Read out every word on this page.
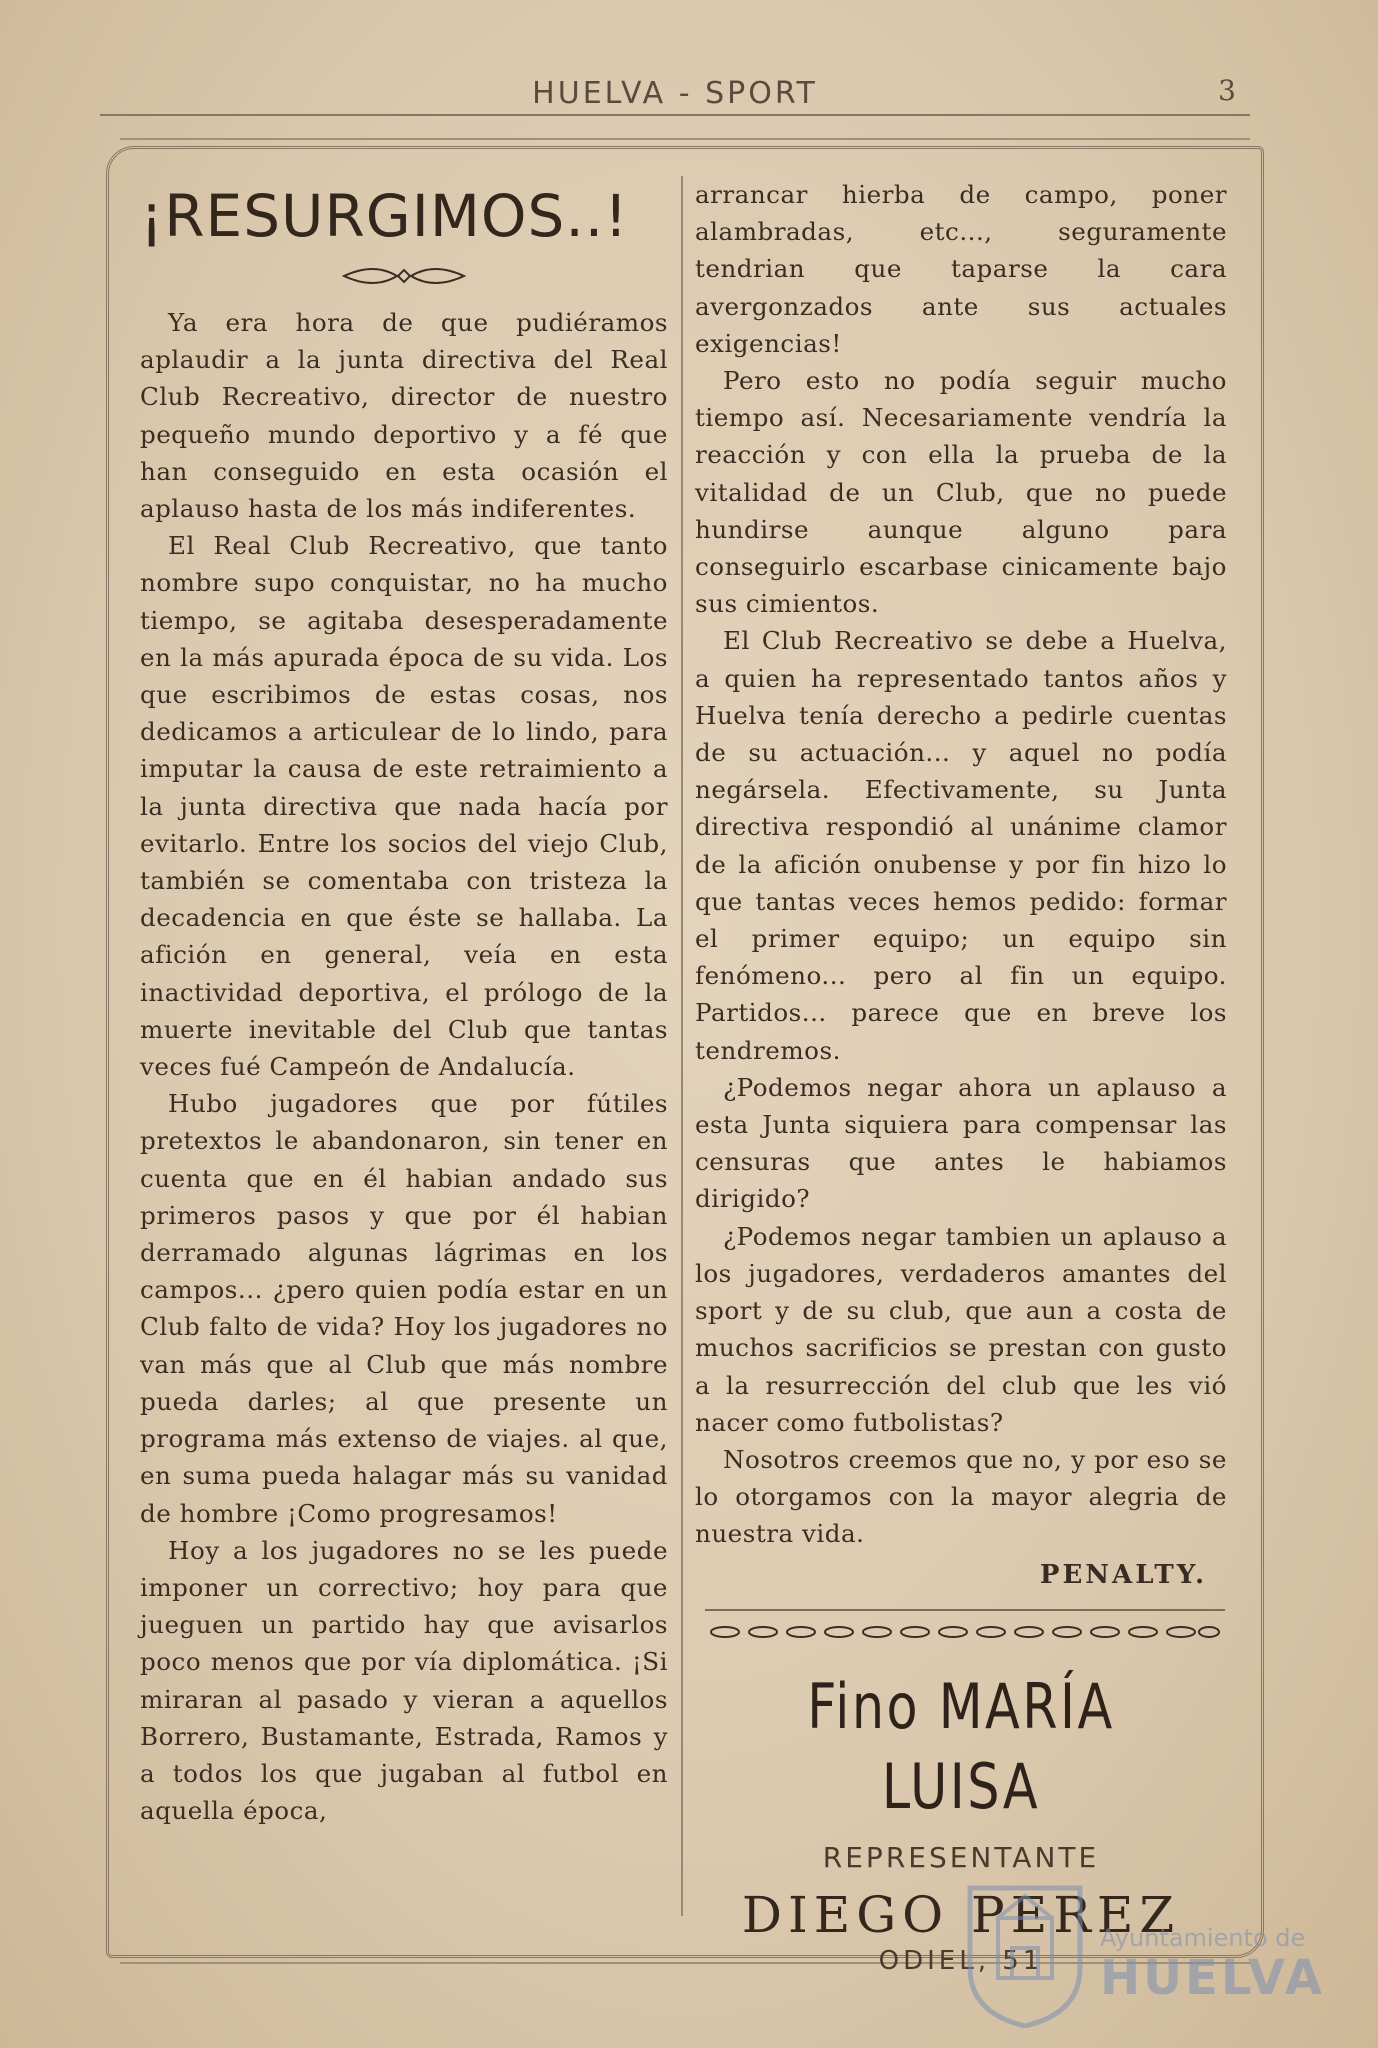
HUELVA - SPORT	3
¡RESURGIMOS..!

Ya era hora de que pudiéramos aplaudir a la junta directiva del Real Club Recreativo, director de nuestro pequeño mundo deportivo y a fé que han conseguido en esta ocasión el aplauso hasta de los más indiferentes.

El Real Club Recreativo, que tanto nombre supo conquistar, no ha mucho tiempo, se agitaba desesperadamente en la más apurada época de su vida. Los que escribimos de estas cosas, nos dedicamos a articulear de lo lindo, para imputar la causa de este retraimiento a la junta directiva que nada hacía por evitarlo. Entre los socios del viejo Club, también se comentaba con tristeza la decadencia en que éste se hallaba. La afición en general, veía en esta inactividad deportiva, el prólogo de la muerte inevitable del Club que tantas veces fué Campeón de Andalucía.

Hubo jugadores que por fútiles pretextos le abandonaron, sin tener en cuenta que en él habian andado sus primeros pasos y que por él habian derramado algunas lágrimas en los campos... ¿pero quien podía estar en un Club falto de vida? Hoy los jugadores no van más que al Club que más nombre pueda darles; al que presente un programa más extenso de viajes. al que, en suma pueda halagar más su vanidad de hombre ¡Como progresamos!

Hoy a los jugadores no se les puede imponer un correctivo; hoy para que jueguen un partido hay que avisarlos poco menos que por vía diplomática. ¡Si miraran al pasado y vieran a aquellos Borrero, Bustamante, Estrada, Ramos y a todos los que jugaban al futbol en aquella época,

arrancar hierba de campo, poner alambradas, etc..., seguramente tendrian que taparse la cara avergonzados ante sus actuales exigencias!

Pero esto no podía seguir mucho tiempo así. Necesariamente vendría la reacción y con ella la prueba de la vitalidad de un Club, que no puede hundirse aunque alguno para conseguirlo escarbase cinicamente bajo sus cimientos.

El Club Recreativo se debe a Huelva, a quien ha representado tantos años y Huelva tenía derecho a pedirle cuentas de su actuación... y aquel no podía negársela. Efectivamente, su Junta directiva respondió al unánime clamor de la afición onubense y por fin hizo lo que tantas veces hemos pedido: formar el primer equipo; un equipo sin fenómeno... pero al fin un equipo. Partidos... parece que en breve los tendremos.

¿Podemos negar ahora un aplauso a esta Junta siquiera para compensar las censuras que antes le habiamos dirigido?

¿Podemos negar tambien un aplauso a los jugadores, verdaderos amantes del sport y de su club, que aun a costa de muchos sacrificios se prestan con gusto a la resurrección del club que les vió nacer como futbolistas?

Nosotros creemos que no, y por eso se lo otorgamos con la mayor alegria de nuestra vida.

PENALTY.
Fino MARÍA LUISA
REPRESENTANTE
DIEGO PEREZ
ODIEL, 51
Ayuntamiento de
HUELVA
